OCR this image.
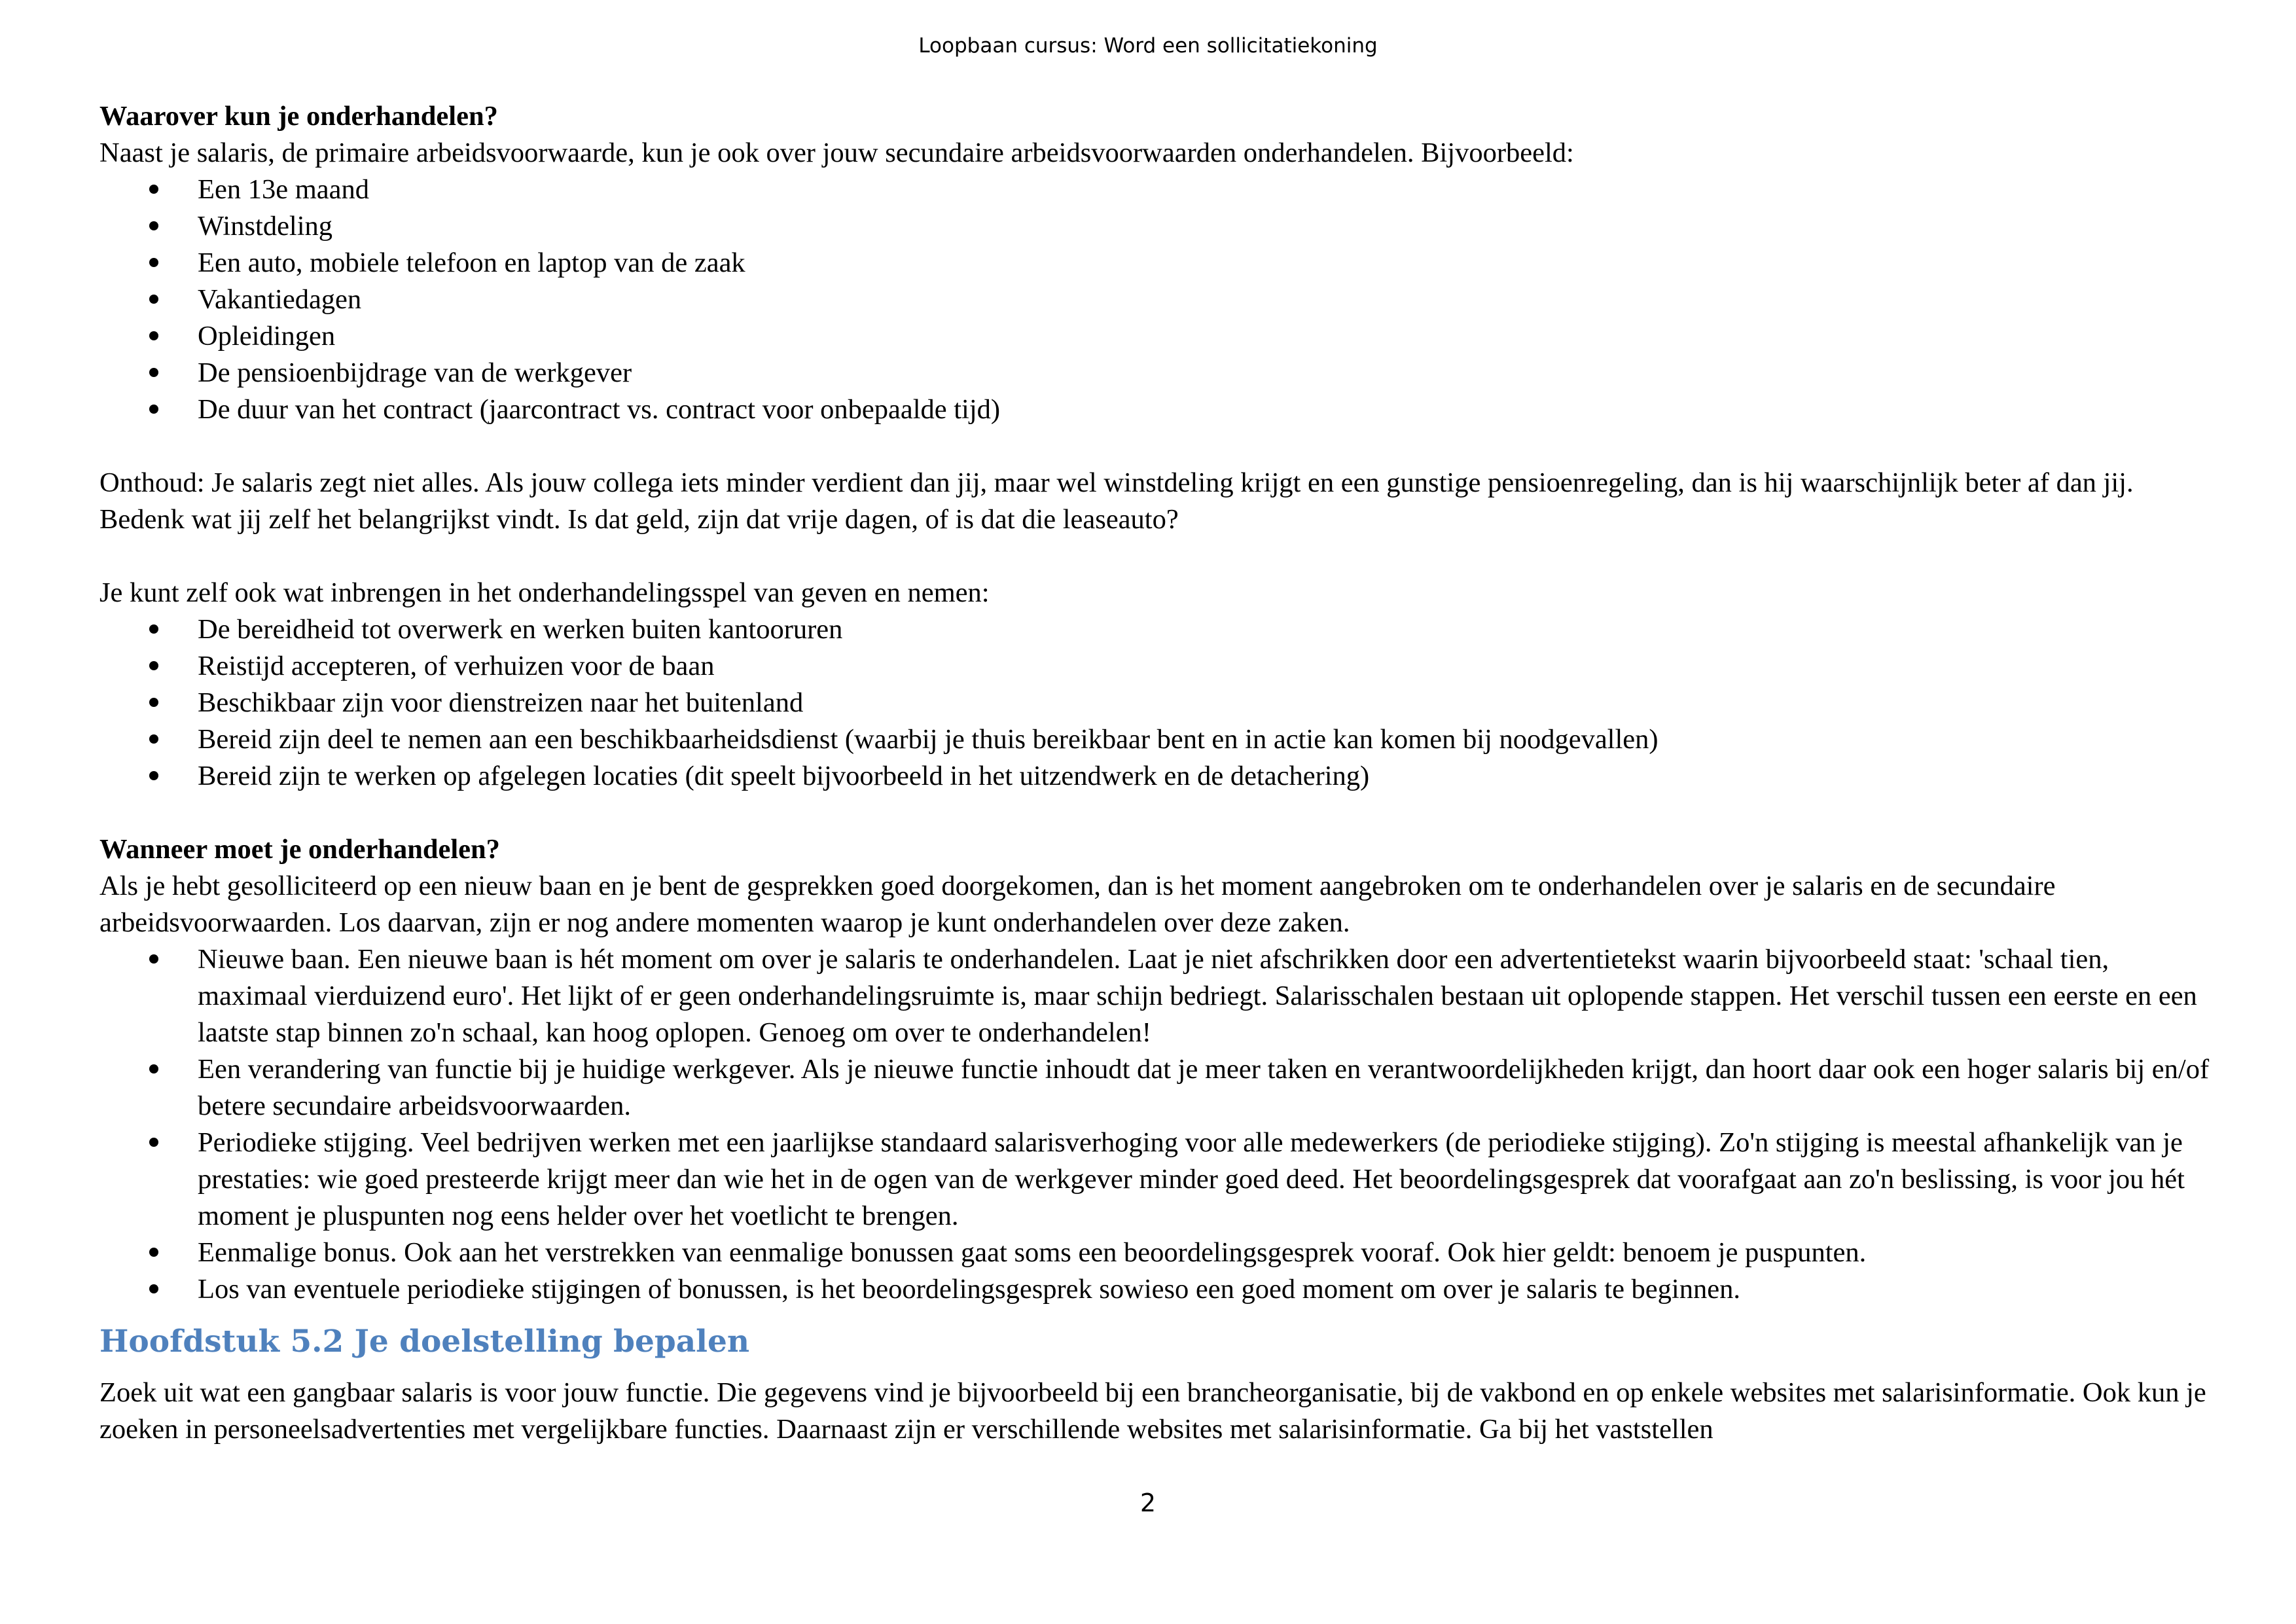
Loopbaan cursus: Word een sollicitatiekoning

Waarover kun je onderhandelen?

Naast je salaris, de primaire arbeidsvoorwaarde, kun je ook over jouw secundaire arbeidsvoorwaarden onderhandelen. Bijvoorbeeld:

Een 13e maand
Winstdeling
Een auto, mobiele telefoon en laptop van de zaak
Vakantiedagen
Opleidingen
De pensioenbijdrage van de werkgever
De duur van het contract (jaarcontract vs. contract voor onbepaalde tijd)

Onthoud: Je salaris zegt niet alles. Als jouw collega iets minder verdient dan jij, maar wel winstdeling krijgt en een gunstige pensioenregeling, dan is hij waarschijnlijk beter af dan jij. Bedenk wat jij zelf het belangrijkst vindt. Is dat geld, zijn dat vrije dagen, of is dat die leaseauto?

Je kunt zelf ook wat inbrengen in het onderhandelingsspel van geven en nemen:

De bereidheid tot overwerk en werken buiten kantooruren
Reistijd accepteren, of verhuizen voor de baan
Beschikbaar zijn voor dienstreizen naar het buitenland
Bereid zijn deel te nemen aan een beschikbaarheidsdienst (waarbij je thuis bereikbaar bent en in actie kan komen bij noodgevallen)
Bereid zijn te werken op afgelegen locaties (dit speelt bijvoorbeeld in het uitzendwerk en de detachering)

Wanneer moet je onderhandelen?

Als je hebt gesolliciteerd op een nieuw baan en je bent de gesprekken goed doorgekomen, dan is het moment aangebroken om te onderhandelen over je salaris en de secundaire arbeidsvoorwaarden. Los daarvan, zijn er nog andere momenten waarop je kunt onderhandelen over deze zaken.

Nieuwe baan. Een nieuwe baan is hét moment om over je salaris te onderhandelen. Laat je niet afschrikken door een advertentietekst waarin bijvoorbeeld staat: 'schaal tien, maximaal vierduizend euro'. Het lijkt of er geen onderhandelingsruimte is, maar schijn bedriegt. Salarisschalen bestaan uit oplopende stappen. Het verschil tussen een eerste en een laatste stap binnen zo'n schaal, kan hoog oplopen. Genoeg om over te onderhandelen!
Een verandering van functie bij je huidige werkgever. Als je nieuwe functie inhoudt dat je meer taken en verantwoordelijkheden krijgt, dan hoort daar ook een hoger salaris bij en/of betere secundaire arbeidsvoorwaarden.
Periodieke stijging. Veel bedrijven werken met een jaarlijkse standaard salarisverhoging voor alle medewerkers (de periodieke stijging). Zo'n stijging is meestal afhankelijk van je prestaties: wie goed presteerde krijgt meer dan wie het in de ogen van de werkgever minder goed deed. Het beoordelingsgesprek dat voorafgaat aan zo'n beslissing, is voor jou hét moment je pluspunten nog eens helder over het voetlicht te brengen.
Eenmalige bonus. Ook aan het verstrekken van eenmalige bonussen gaat soms een beoordelingsgesprek vooraf. Ook hier geldt: benoem je puspunten.
Los van eventuele periodieke stijgingen of bonussen, is het beoordelingsgesprek sowieso een goed moment om over je salaris te beginnen.
Hoofdstuk 5.2 Je doelstelling bepalen

Zoek uit wat een gangbaar salaris is voor jouw functie. Die gegevens vind je bijvoorbeeld bij een brancheorganisatie, bij de vakbond en op enkele websites met salarisinformatie. Ook kun je zoeken in personeelsadvertenties met vergelijkbare functies. Daarnaast zijn er verschillende websites met salarisinformatie. Ga bij het vaststellen

2
